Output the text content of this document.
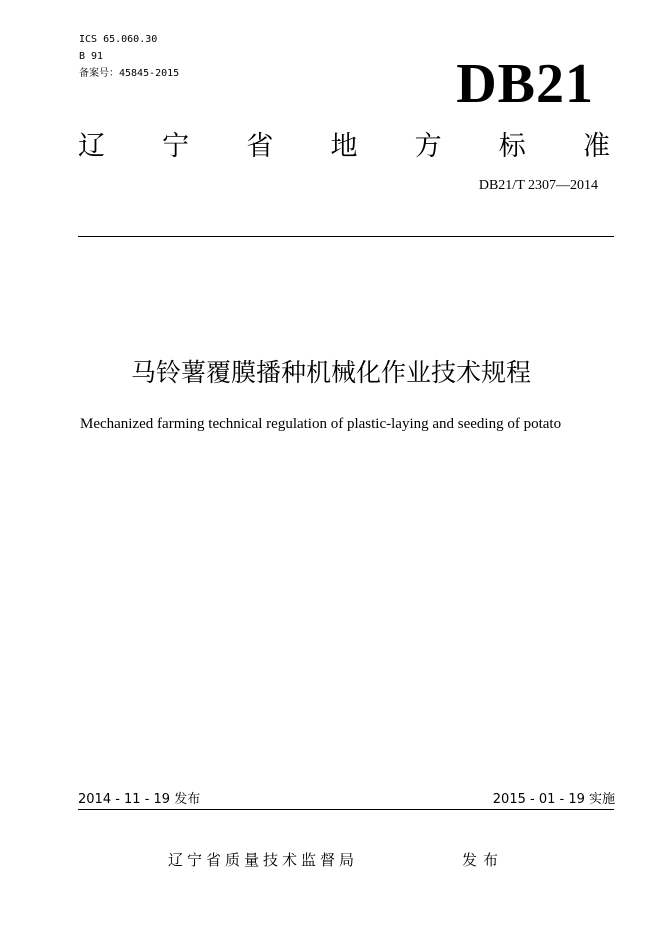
ICS 65.060.30
B 91
备案号：45845-2015	DB21
辽 宁 省 地 方 标 准
DB21/T 2307—2014
马铃薯覆膜播种机械化作业技术规程
Mechanized farming technical regulation of plastic-laying and seeding of potato
2014 - 11 - 19 发布	2015 - 01 - 19 实施
辽宁省质量技术监督局	发布
